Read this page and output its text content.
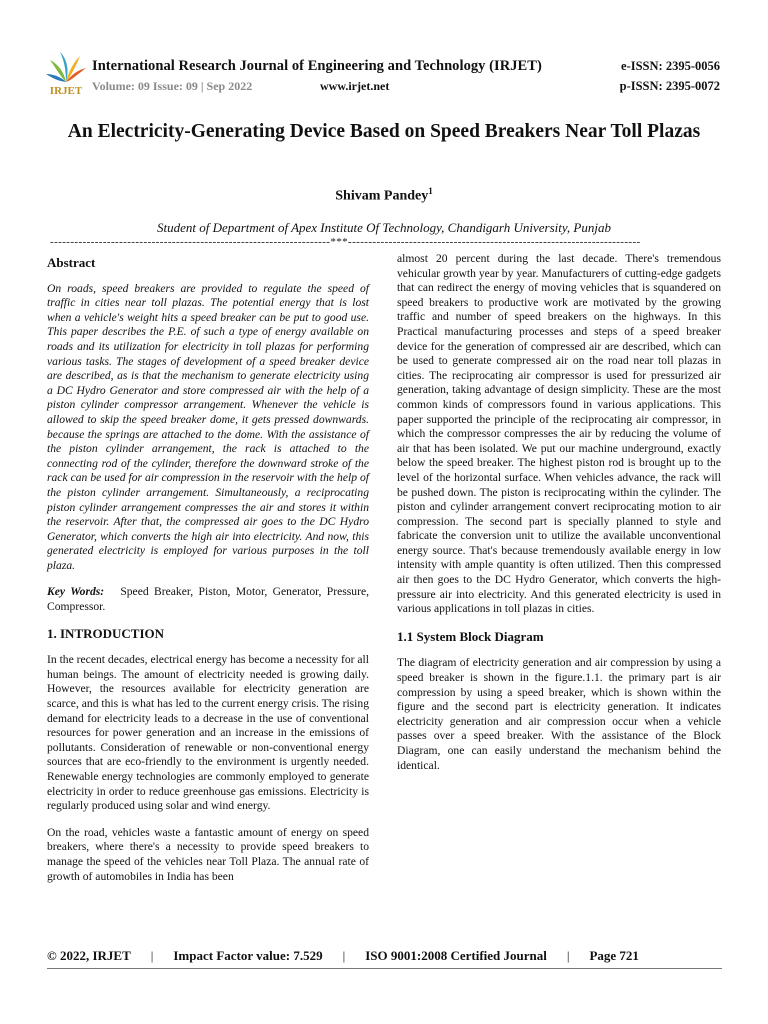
IRJET
International Research Journal of Engineering and Technology (IRJET)	e-ISSN: 2395-0056
Volume: 09 Issue: 09 | Sep 2022	www.irjet.net	p-ISSN: 2395-0072
An Electricity-Generating Device Based on Speed Breakers Near Toll Plazas
Shivam Pandey$^1$
Student of Department of Apex Institute Of Technology, Chandigarh University, Punjab
---------------------------------------------------------------------***------------------------------------------------------------------------
Abstract

On roads, speed breakers are provided to regulate the speed of traffic in cities near toll plazas. The potential energy that is lost when a vehicle's weight hits a speed breaker can be put to good use. This paper describes the P.E. of such a type of energy available on roads and its utilization for electricity in toll plazas for performing various tasks. The stages of development of a speed breaker device are described, as is that the mechanism to generate electricity using a DC Hydro Generator and store compressed air with the help of a piston cylinder compressor arrangement. Whenever the vehicle is allowed to skip the speed breaker dome, it gets pressed downwards. because the springs are attached to the dome. With the assistance of the piston cylinder arrangement, the rack is attached to the connecting rod of the cylinder, therefore the downward stroke of the rack can be used for air compression in the reservoir with the help of the piston cylinder arrangement. Simultaneously, a reciprocating piston cylinder arrangement compresses the air and stores it within the reservoir. After that, the compressed air goes to the DC Hydro Generator, which converts the high air into electricity. And now, this generated electricity is employed for various purposes in the toll plaza.

Key Words: Speed Breaker, Piston, Motor, Generator, Pressure, Compressor.

1. INTRODUCTION

In the recent decades, electrical energy has become a necessity for all human beings. The amount of electricity needed is growing daily. However, the resources available for electricity generation are scarce, and this is what has led to the current energy crisis. The rising demand for electricity leads to a decrease in the use of conventional resources for power generation and an increase in the emissions of pollutants. Consideration of renewable or non-conventional energy sources that are eco-friendly to the environment is urgently needed. Renewable energy technologies are commonly employed to generate electricity in order to reduce greenhouse gas emissions. Electricity is regularly produced using solar and wind energy.

On the road, vehicles waste a fantastic amount of energy on speed breakers, where there's a necessity to provide speed breakers to manage the speed of the vehicles near Toll Plaza. The annual rate of growth of automobiles in India has been

almost 20 percent during the last decade. There's tremendous vehicular growth year by year. Manufacturers of cutting-edge gadgets that can redirect the energy of moving vehicles that is squandered on speed breakers to productive work are motivated by the growing traffic and number of speed breakers on the highways. In this Practical manufacturing processes and steps of a speed breaker device for the generation of compressed air are described, which can be used to generate compressed air on the road near toll plazas in cities. The reciprocating air compressor is used for pressurized air generation, taking advantage of design simplicity. These are the most common kinds of compressors found in various applications. This paper supported the principle of the reciprocating air compressor, in which the compressor compresses the air by reducing the volume of air that has been isolated. We put our machine underground, exactly below the speed breaker. The highest piston rod is brought up to the level of the horizontal surface. When vehicles advance, the rack will be pushed down. The piston is reciprocating within the cylinder. The piston and cylinder arrangement convert reciprocating motion to air compression. The second part is specially planned to style and fabricate the conversion unit to utilize the available unconventional energy source. That's because tremendously available energy in low intensity with ample quantity is often utilized. Then this compressed air then goes to the DC Hydro Generator, which converts the high-pressure air into electricity. And this generated electricity is used in various applications in toll plazas in cities.

1.1 System Block Diagram

The diagram of electricity generation and air compression by using a speed breaker is shown in the figure.1.1. the primary part is air compression by using a speed breaker, which is shown within the figure and the second part is electricity generation. It indicates electricity generation and air compression occur when a vehicle passes over a speed breaker. With the assistance of the Block Diagram, one can easily understand the mechanism behind the identical.

© 2022, IRJET | Impact Factor value: 7.529 | ISO 9001:2008 Certified Journal | Page 721
